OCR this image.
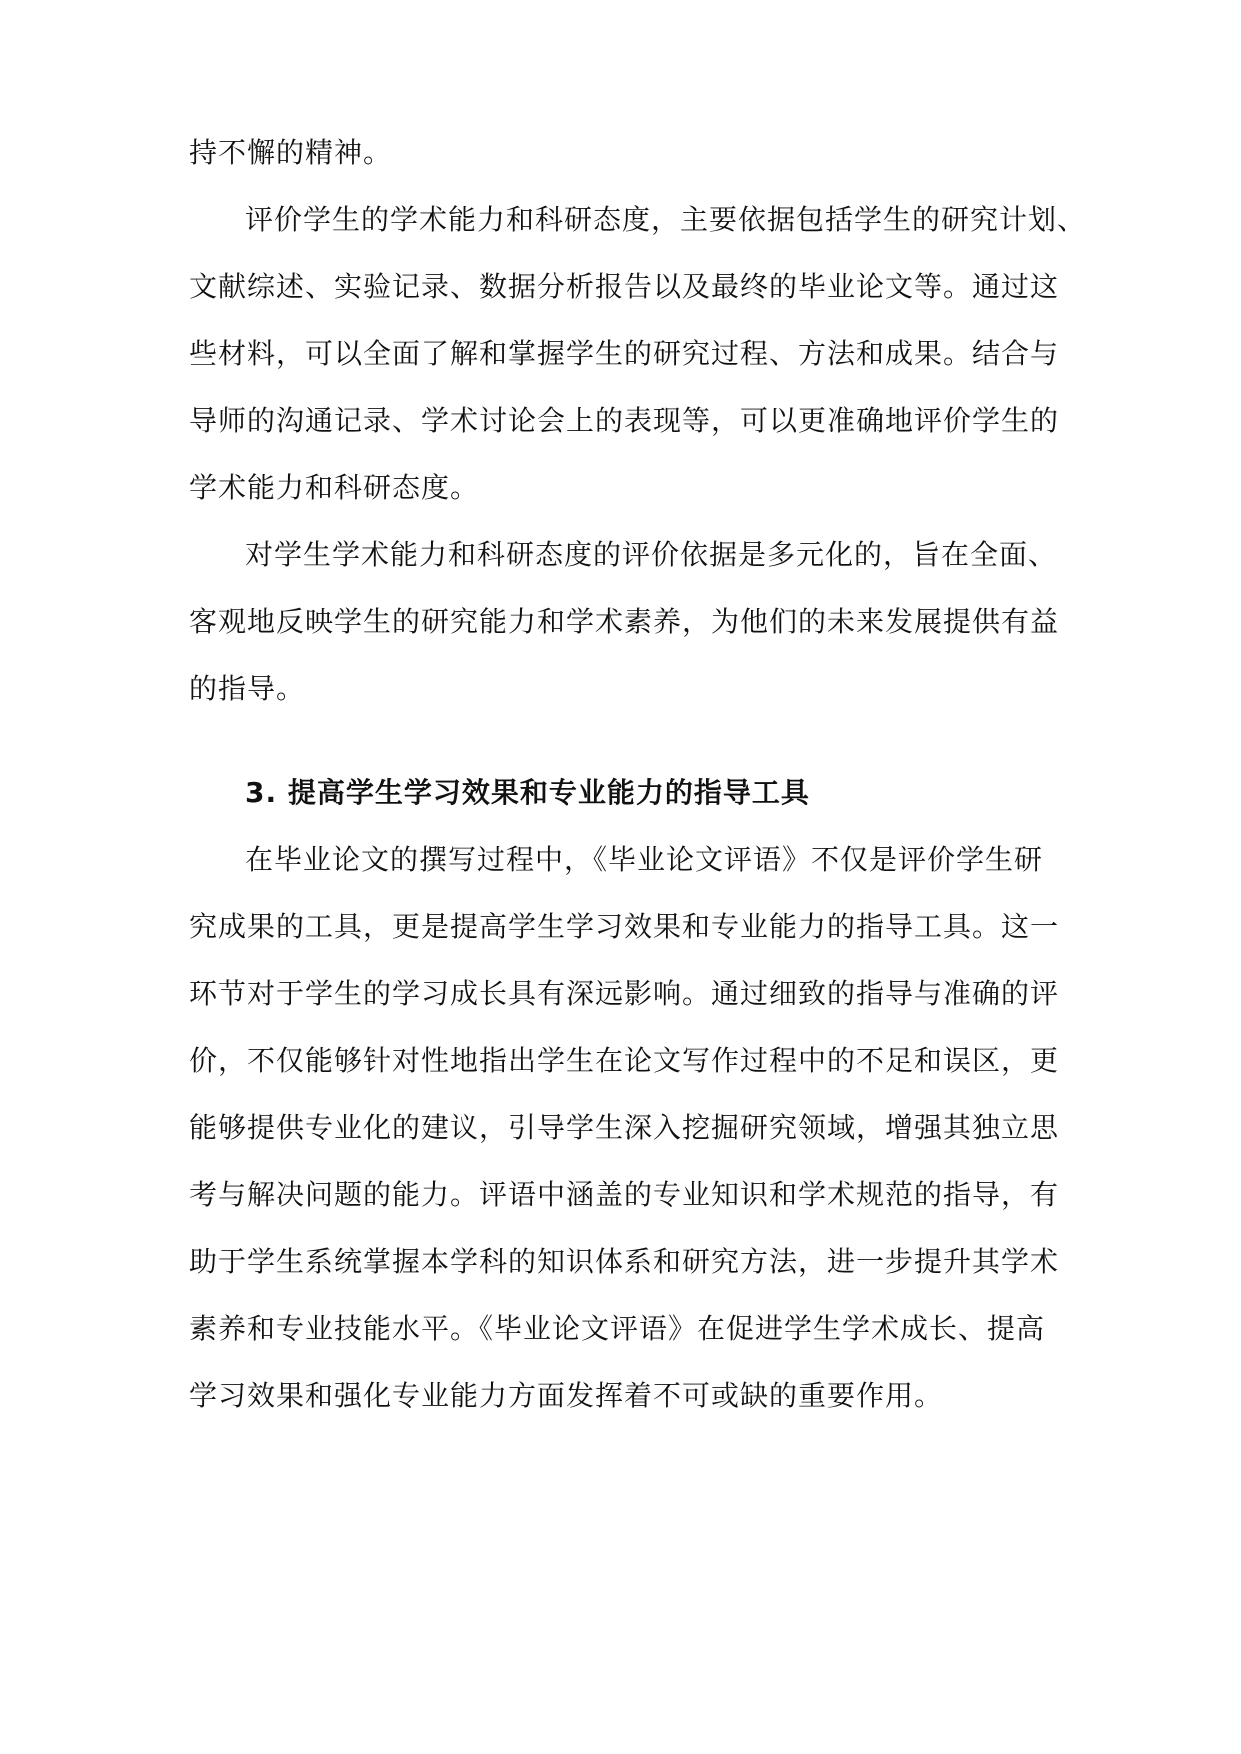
持不懈的精神。
评价学生的学术能力和科研态度，主要依据包括学生的研究计划、
文献综述、实验记录、数据分析报告以及最终的毕业论文等。通过这
些材料，可以全面了解和掌握学生的研究过程、方法和成果。结合与
导师的沟通记录、学术讨论会上的表现等，可以更准确地评价学生的
学术能力和科研态度。
对学生学术能力和科研态度的评价依据是多元化的，旨在全面、
客观地反映学生的研究能力和学术素养，为他们的未来发展提供有益
的指导。
3. 提高学生学习效果和专业能力的指导工具
在毕业论文的撰写过程中，《毕业论文评语》不仅是评价学生研
究成果的工具，更是提高学生学习效果和专业能力的指导工具。这一
环节对于学生的学习成长具有深远影响。通过细致的指导与准确的评
价，不仅能够针对性地指出学生在论文写作过程中的不足和误区，更
能够提供专业化的建议，引导学生深入挖掘研究领域，增强其独立思
考与解决问题的能力。评语中涵盖的专业知识和学术规范的指导，有
助于学生系统掌握本学科的知识体系和研究方法，进一步提升其学术
素养和专业技能水平。《毕业论文评语》在促进学生学术成长、提高
学习效果和强化专业能力方面发挥着不可或缺的重要作用。
